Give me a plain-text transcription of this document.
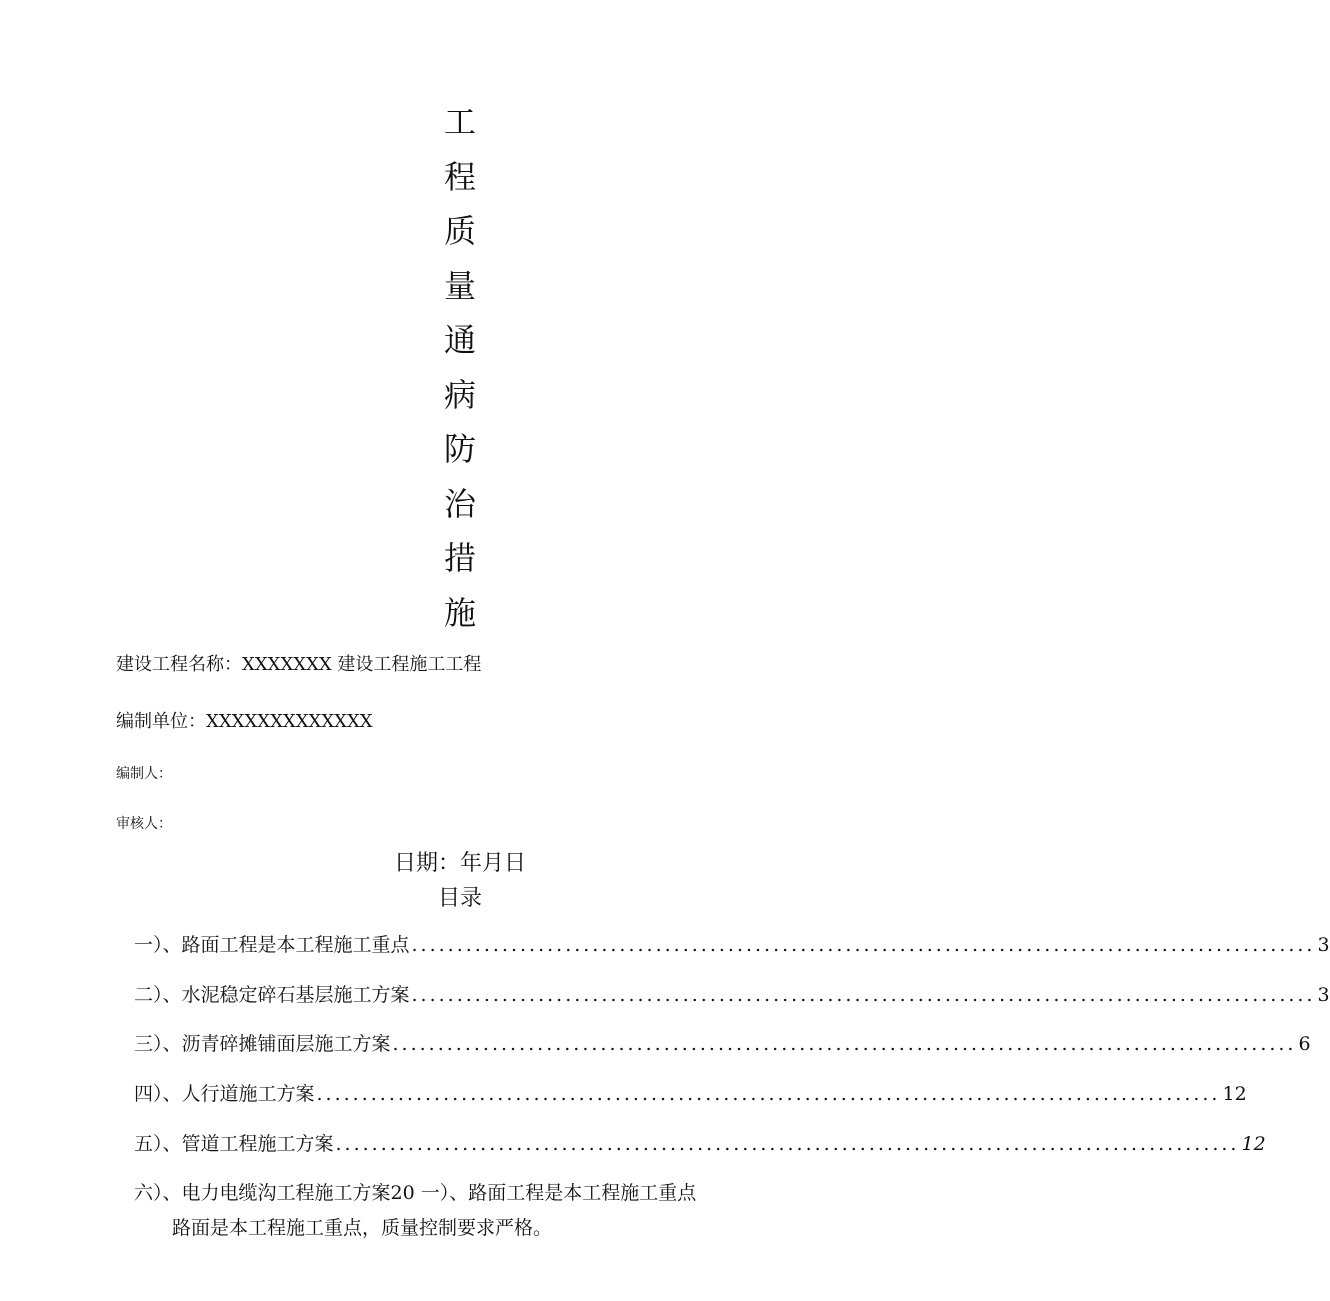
工
程
质
量
通
病
防
治
措
施
建设工程名称：XXXXXXX 建设工程施工工程
编制单位：XXXXXXXXXXXXX
编制人：
审核人：
日期：年月日
目录
一）、路面工程是本工程施工重点 .................................................................................................... 3
二）、水泥稳定碎石基层施工方案 .................................................................................................... 3
三）、沥青碎摊铺面层施工方案 .................................................................................................... 6
四）、人行道施工方案 .................................................................................................... 12
五）、管道工程施工方案 .................................................................................................... 12
六）、电力电缆沟工程施工方案20 一）、路面工程是本工程施工重点
路面是本工程施工重点，质量控制要求严格。
